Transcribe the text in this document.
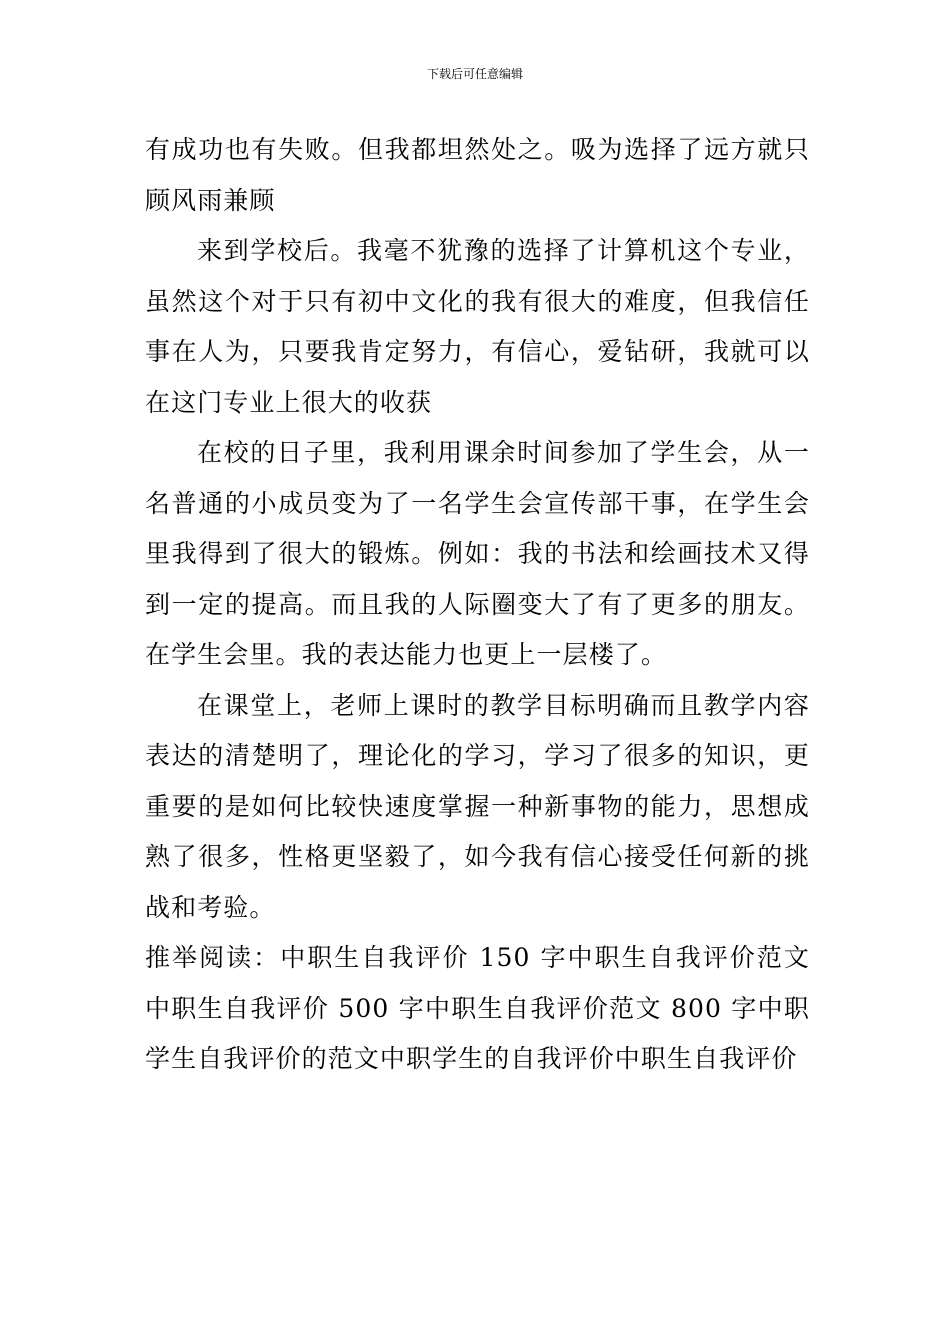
下载后可任意编辑

有成功也有失败。但我都坦然处之。吸为选择了远方就只顾风雨兼顾

来到学校后。我毫不犹豫的选择了计算机这个专业，虽然这个对于只有初中文化的我有很大的难度，但我信任事在人为，只要我肯定努力，有信心，爱钻研，我就可以在这门专业上很大的收获

在校的日子里，我利用课余时间参加了学生会，从一名普通的小成员变为了一名学生会宣传部干事，在学生会里我得到了很大的锻炼。例如：我的书法和绘画技术又得到一定的提高。而且我的人际圈变大了有了更多的朋友。在学生会里。我的表达能力也更上一层楼了。

在课堂上，老师上课时的教学目标明确而且教学内容表达的清楚明了，理论化的学习，学习了很多的知识，更重要的是如何比较快速度掌握一种新事物的能力，思想成熟了很多，性格更坚毅了，如今我有信心接受任何新的挑战和考验。

推举阅读：中职生自我评价 150 字中职生自我评价范文中职生自我评价 500 字中职生自我评价范文 800 字中职学生自我评价的范文中职学生的自我评价中职生自我评价
